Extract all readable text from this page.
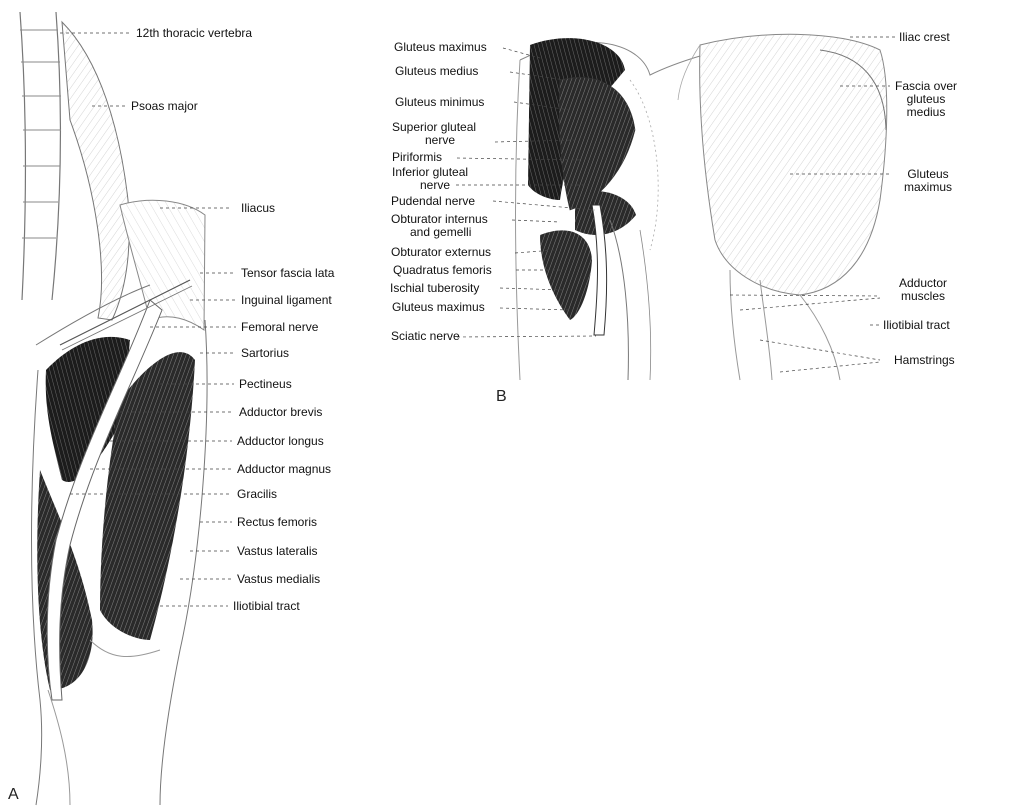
12th thoracic vertebra
Psoas major
Iliacus
Tensor fascia lata
Inguinal ligament
Femoral nerve
Sartorius
Pectineus
Adductor brevis
Adductor longus
Adductor magnus
Gracilis
Rectus femoris
Vastus lateralis
Vastus medialis
Iliotibial tract
A
Gluteus maximus
Gluteus medius
Gluteus minimus
Superior gluteal
nerve
Piriformis
Inferior gluteal
nerve
Pudendal nerve
Obturator internus
and gemelli
Obturator externus
Quadratus femoris
Ischial tuberosity
Gluteus maximus
Sciatic nerve
B
Iliac crest
Fascia over
gluteus
medius
Gluteus
maximus
Adductor
muscles
Iliotibial tract
Hamstrings
